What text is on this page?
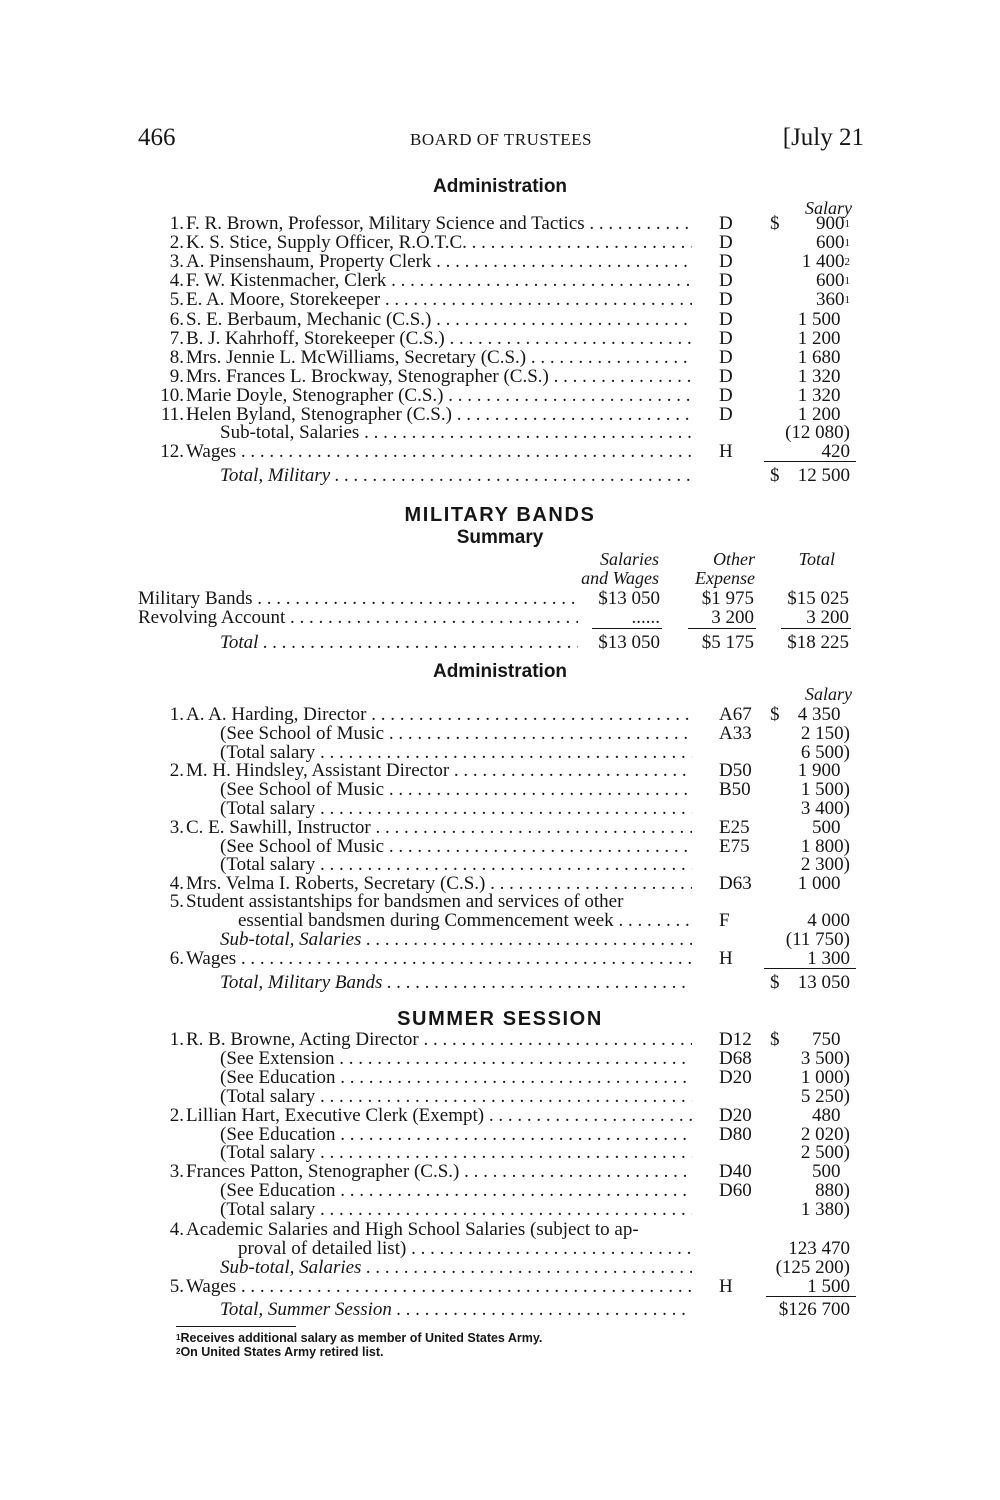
466	BOARD OF TRUSTEES	[July 21
Administration
Salary
1. F. R. Brown, Professor, Military Science and Tactics . . .	D $ $900^1$
2. K. S. Stice, Supply Officer, R.O.T.C. . . .	D	$600^1$
3. A. Pinsenshaum, Property Clerk . . .	D	1 $400^2$
4. F. W. Kistenmacher, Clerk . . .	D	$600^1$
5. E. A. Moore, Storekeeper . . .	D	$360^1$
6. S. E. Berbaum, Mechanic (C.S.) . . .	D	1 500
7. B. J. Kahrhoff, Storekeeper (C.S.) . . .	D	1 200
8. Mrs. Jennie L. McWilliams, Secretary (C.S.) . . .	D	1 680
9. Mrs. Frances L. Brockway, Stenographer (C.S.) . . .	D	1 320
10. Marie Doyle, Stenographer (C.S.) . . .	D	1 320
11. Helen Byland, Stenographer (C.S.) . . .	D	1 200
Sub-total, Salaries . . .	(12 080)
12. Wages . . .	H	420
Total, Military . . .	$ 12 500
MILITARY BANDS
Summary
Salaries
and Wages
Other
Expense
Total
Military Bands . . .	$13 050 $1 975 $15 025
Revolving Account . . .	......	3 200	3 200
Total . . .	$13 050 $5 175 $18 225
Administration
Salary
1. A. A. Harding, Director . . .	A67 $ 4 350
(See School of Music . . .	A33	2 150)
(Total salary . . .	6 500)
2. M. H. Hindsley, Assistant Director . . .	D50 1 900
(See School of Music . . .	B50	1 500)
(Total salary . . .	3 400)
3. C. E. Sawhill, Instructor . . .	E25	500
(See School of Music . . .	E75	1 800)
(Total salary . . .	2 300)
4. Mrs. Velma I. Roberts, Secretary (C.S.) . . .	D63 1 000
5. Student assistantships for bandsmen and services of other
essential bandsmen during Commencement week . . .	F	4 000
Sub-total, Salaries . . .	(11 750)
6. Wages . . .	H	1 300
Total, Military Bands . . .	$ 13 050
SUMMER SESSION
1. R. B. Browne, Acting Director . . .	D12 $ 750
(See Extension . . .	D68	3 500)
(See Education . . .	D20	1 000)
(Total salary . . .	5 250)
2. Lillian Hart, Executive Clerk (Exempt) . . .	D20	480
(See Education . . .	D80	2 020)
(Total salary . . .	2 500)
3. Frances Patton, Stenographer (C.S.) . . .	D40	500
(See Education . . .	D60	880)
(Total salary . . .	1 380)
4. Academic Salaries and High School Salaries (subject to ap-
proval of detailed list) . . .	123 470
Sub-total, Salaries . . .	(125 200)
5. Wages . . .	H	1 500
Total, Summer Session . . .	$126 700
$^1$Receives additional salary as member of United States Army.
$^2$On United States Army retired list.
